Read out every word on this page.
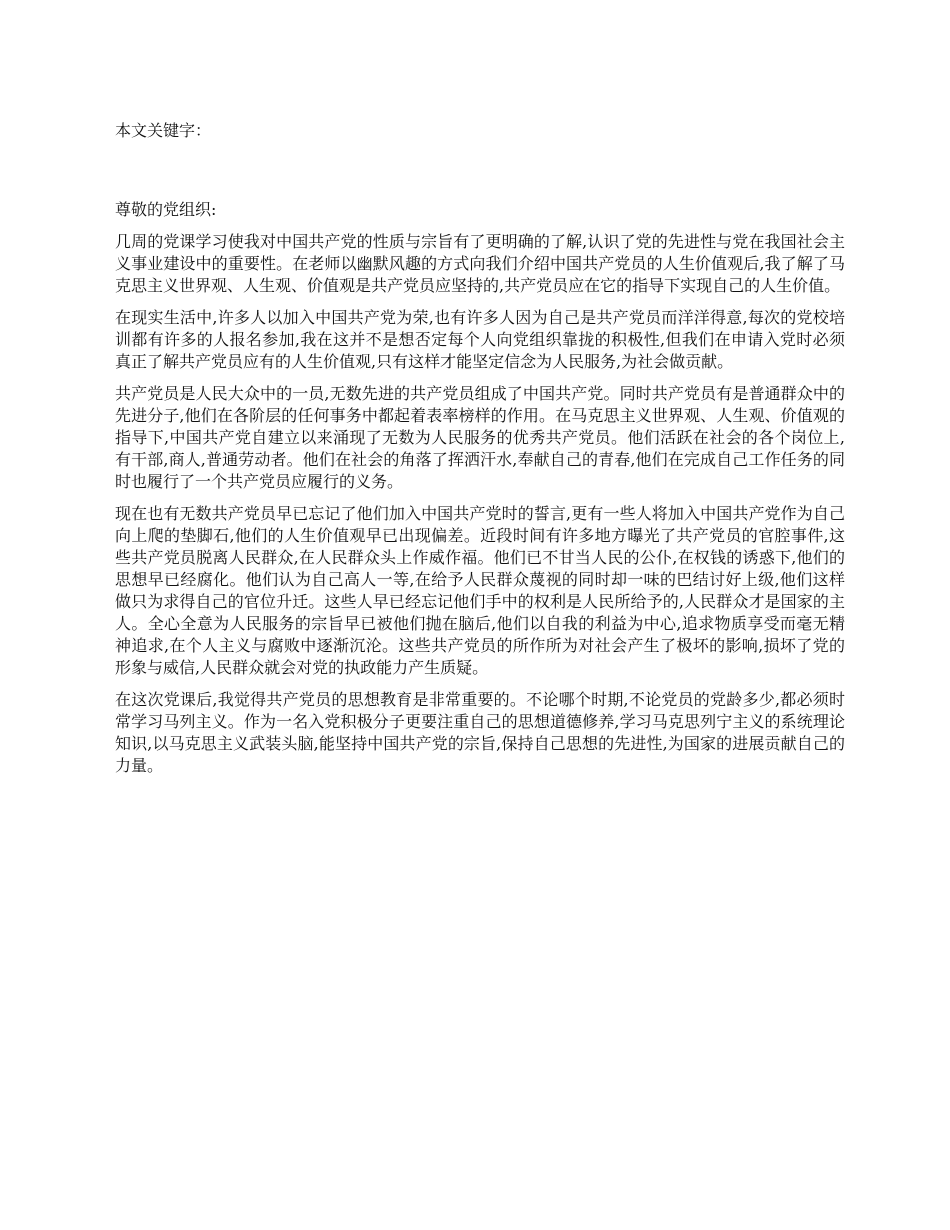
本文关键字：

尊敬的党组织:

几周的党课学习使我对中国共产党的性质与宗旨有了更明确的了解,认识了党的先进性与党在我国社会主义事业建设中的重要性。在老师以幽默风趣的方式向我们介绍中国共产党员的人生价值观后,我了解了马克思主义世界观、人生观、价值观是共产党员应坚持的,共产党员应在它的指导下实现自己的人生价值。

在现实生活中,许多人以加入中国共产党为荣,也有许多人因为自己是共产党员而洋洋得意,每次的党校培训都有许多的人报名参加,我在这并不是想否定每个人向党组织靠拢的积极性,但我们在申请入党时必须真正了解共产党员应有的人生价值观,只有这样才能坚定信念为人民服务,为社会做贡献。

共产党员是人民大众中的一员,无数先进的共产党员组成了中国共产党。同时共产党员有是普通群众中的先进分子,他们在各阶层的任何事务中都起着表率榜样的作用。在马克思主义世界观、人生观、价值观的指导下,中国共产党自建立以来涌现了无数为人民服务的优秀共产党员。他们活跃在社会的各个岗位上,有干部,商人,普通劳动者。他们在社会的角落了挥洒汗水,奉献自己的青春,他们在完成自己工作任务的同时也履行了一个共产党员应履行的义务。

现在也有无数共产党员早已忘记了他们加入中国共产党时的誓言,更有一些人将加入中国共产党作为自己向上爬的垫脚石,他们的人生价值观早已出现偏差。近段时间有许多地方曝光了共产党员的官腔事件,这些共产党员脱离人民群众,在人民群众头上作威作福。他们已不甘当人民的公仆,在权钱的诱惑下,他们的思想早已经腐化。他们认为自己高人一等,在给予人民群众蔑视的同时却一味的巴结讨好上级,他们这样做只为求得自己的官位升迁。这些人早已经忘记他们手中的权利是人民所给予的,人民群众才是国家的主人。全心全意为人民服务的宗旨早已被他们抛在脑后,他们以自我的利益为中心,追求物质享受而毫无精神追求,在个人主义与腐败中逐渐沉沦。这些共产党员的所作所为对社会产生了极坏的影响,损坏了党的形象与威信,人民群众就会对党的执政能力产生质疑。

在这次党课后,我觉得共产党员的思想教育是非常重要的。不论哪个时期,不论党员的党龄多少,都必须时常学习马列主义。作为一名入党积极分子更要注重自己的思想道德修养,学习马克思列宁主义的系统理论知识,以马克思主义武装头脑,能坚持中国共产党的宗旨,保持自己思想的先进性,为国家的进展贡献自己的力量。
